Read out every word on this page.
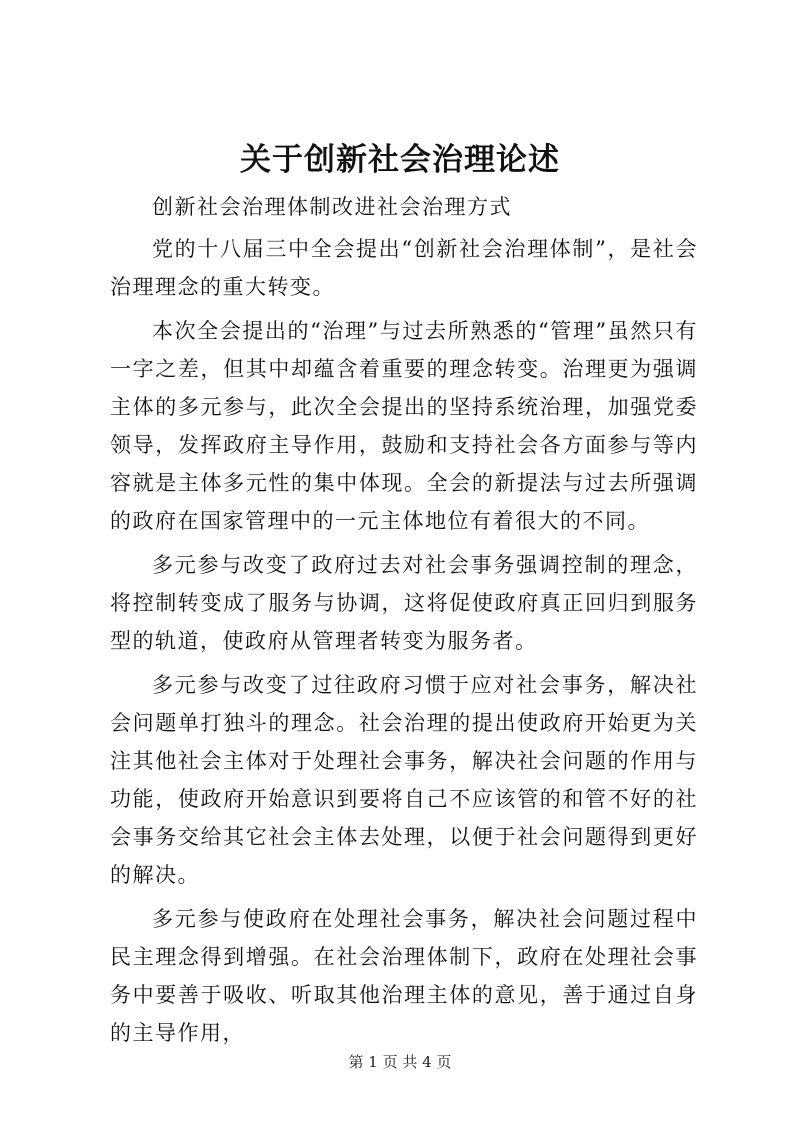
关于创新社会治理论述

创新社会治理体制改进社会治理方式

党的十八届三中全会提出“创新社会治理体制”，是社会治理理念的重大转变。

本次全会提出的“治理”与过去所熟悉的“管理”虽然只有一字之差，但其中却蕴含着重要的理念转变。治理更为强调主体的多元参与，此次全会提出的坚持系统治理，加强党委领导，发挥政府主导作用，鼓励和支持社会各方面参与等内容就是主体多元性的集中体现。全会的新提法与过去所强调的政府在国家管理中的一元主体地位有着很大的不同。

多元参与改变了政府过去对社会事务强调控制的理念，将控制转变成了服务与协调，这将促使政府真正回归到服务型的轨道，使政府从管理者转变为服务者。

多元参与改变了过往政府习惯于应对社会事务，解决社会问题单打独斗的理念。社会治理的提出使政府开始更为关注其他社会主体对于处理社会事务，解决社会问题的作用与功能，使政府开始意识到要将自己不应该管的和管不好的社会事务交给其它社会主体去处理，以便于社会问题得到更好的解决。

多元参与使政府在处理社会事务，解决社会问题过程中民主理念得到增强。在社会治理体制下，政府在处理社会事务中要善于吸收、听取其他治理主体的意见，善于通过自身的主导作用，

第 1 页 共 4 页
